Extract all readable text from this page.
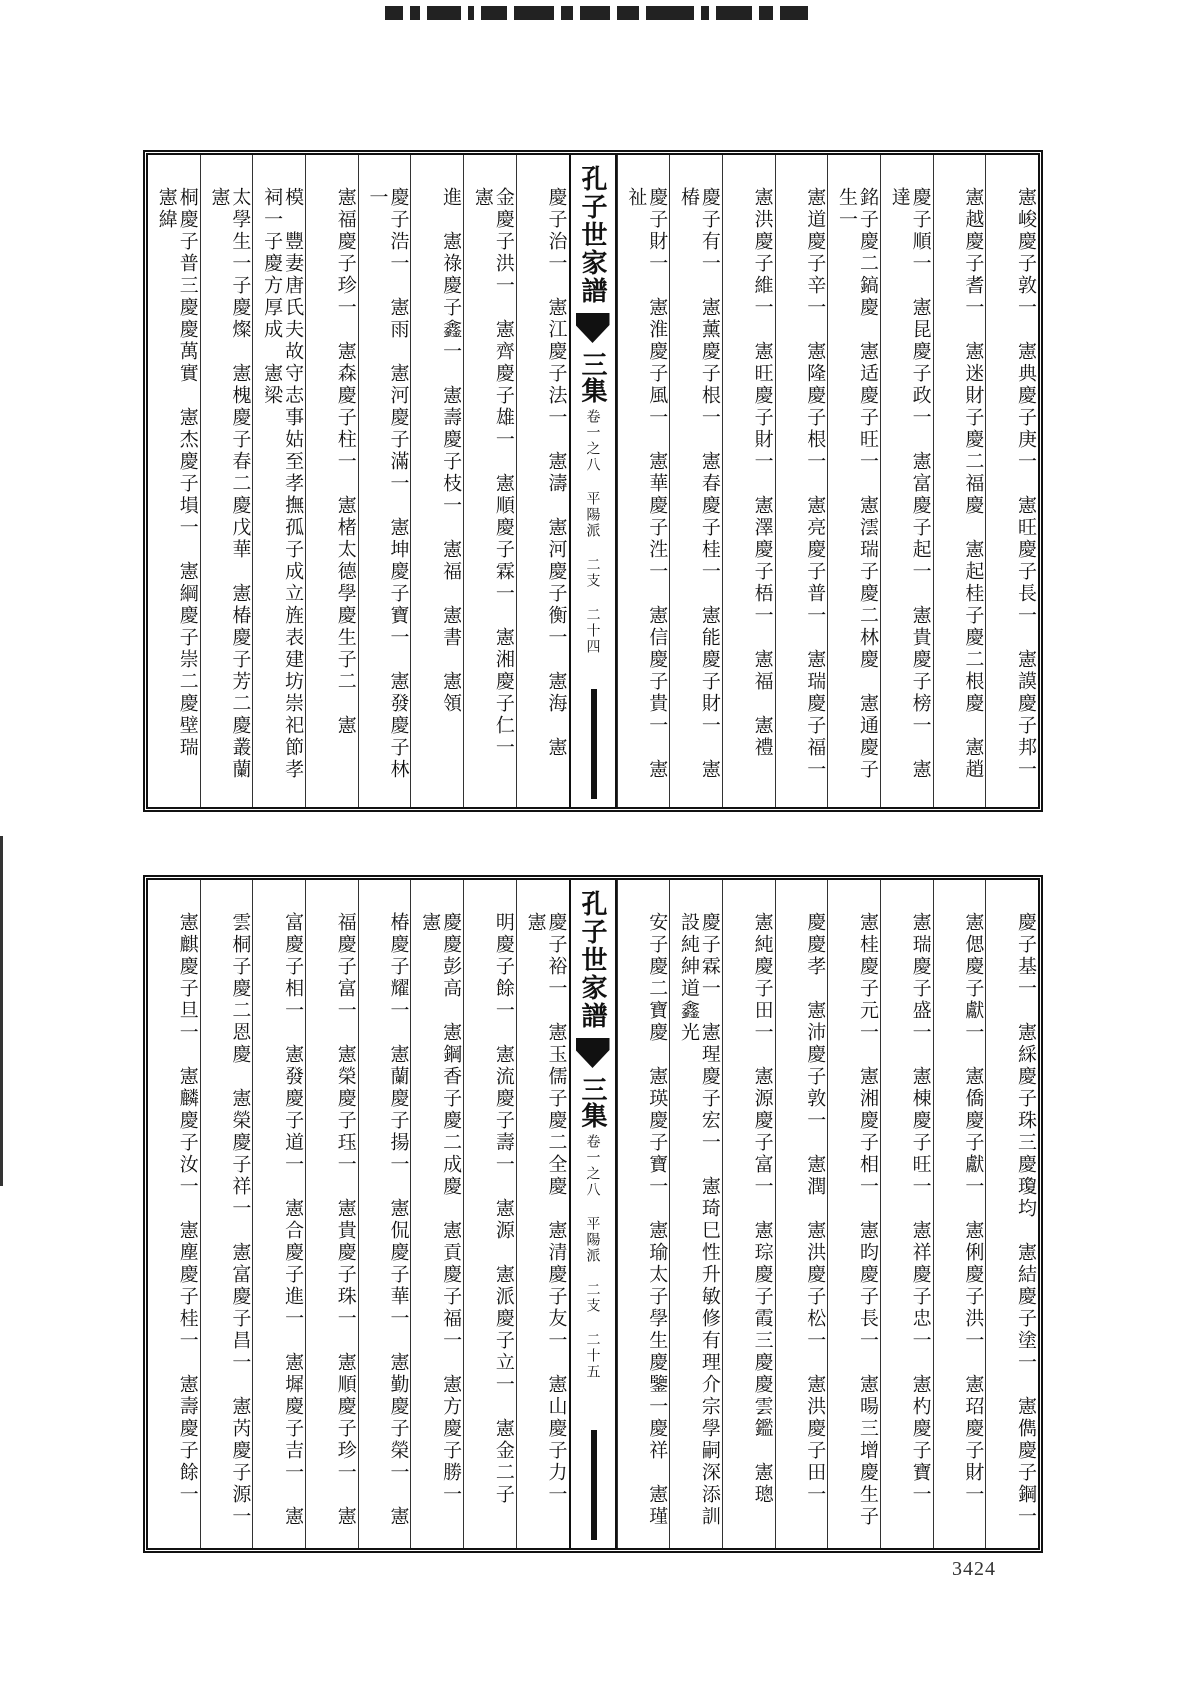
憲峻慶子敦一　憲典慶子庚一　憲旺慶子長一　憲謨慶子邦一
憲越慶子耆一　憲迷財子慶二福慶　憲起桂子慶二根慶　憲趙
慶子順一　憲昆慶子政一　憲富慶子起一　憲貴慶子榜一　憲達
銘子慶二鎬慶　憲适慶子旺一　憲澐瑞子慶二林慶　憲通慶子生一
憲道慶子辛一　憲隆慶子根一　憲亮慶子普一　憲瑞慶子福一
憲洪慶子維一　憲旺慶子財一　憲澤慶子梧一　憲福　憲禮
慶子有一　憲薰慶子根一　憲春慶子桂一　憲能慶子財一　憲椿
慶子財一　憲淮慶子風一　憲華慶子泩一　憲信慶子貴一　憲祉
孔子世家譜
三集
卷一之八 平陽派 二支 二十四
慶子治一　憲江慶子法一　憲濤　憲河慶子衡一　憲海　憲
金慶子洪一　憲齊慶子雄一　憲順慶子霖一　憲湘慶子仁一　憲
進　憲祿慶子鑫一　憲壽慶子枝一　憲福　憲書　憲領
慶子浩一　憲雨　憲河慶子滿一　憲坤慶子寶一　憲發慶子林一
憲福慶子珍一　憲森慶子柱一　憲楮太德學慶生子二　憲
模　豐妻唐氏夫故守志事姑至孝撫孤子成立旌表建坊崇祀節孝祠一子慶方厚成　憲梁
太學生一子慶燦　憲槐慶子春二慶戊華　憲椿慶子芳二慶叢蘭　憲
桐慶子普三慶慶萬實　憲杰慶子塤一　憲綱慶子崇二慶壁瑞　憲緯
慶子基一　憲綵慶子珠三慶瓊均　憲結慶子塗一　憲儁慶子鋼一
憲偲慶子獻一　憲僑慶子獻一　憲俐慶子洪一　憲玿慶子財一
憲瑞慶子盛一　憲棟慶子旺一　憲祥慶子忠一　憲杓慶子寶一
憲桂慶子元一　憲湘慶子相一　憲昀慶子長一　憲暘三增慶生子
慶慶孝　憲沛慶子敦一　憲潤　憲洪慶子松一　憲洪慶子田一
憲純慶子田一　憲源慶子富一　憲琮慶子霞三慶慶雲鑑　憲璁
慶子霖一　憲瑆慶子宏一　憲琦巳性升敏修有理介宗學嗣深添訓設純紳道鑫光
安子慶二寶慶　憲瑛慶子寶一　憲瑜太子學生慶鑒一慶祥　憲瑾
孔子世家譜
三集
卷一之八 平陽派 二支 二十五
慶子裕一　憲玉儒子慶二全慶　憲清慶子友一　憲山慶子力一　憲
明慶子餘一　憲流慶子壽一　憲源　憲派慶子立一　憲金二子
慶慶彭高　憲鋼香子慶二成慶　憲貢慶子福一　憲方慶子勝一　憲
椿慶子耀一　憲蘭慶子揚一　憲侃慶子華一　憲勤慶子榮一　憲
福慶子富一　憲榮慶子珏一　憲貴慶子珠一　憲順慶子珍一　憲
富慶子相一　憲發慶子道一　憲合慶子進一　憲墀慶子吉一　憲
雲桐子慶二恩慶　憲榮慶子祥一　憲富慶子昌一　憲芮慶子源一
憲麒慶子旦一　憲麟慶子汝一　憲塵慶子桂一　憲壽慶子餘一
3424
